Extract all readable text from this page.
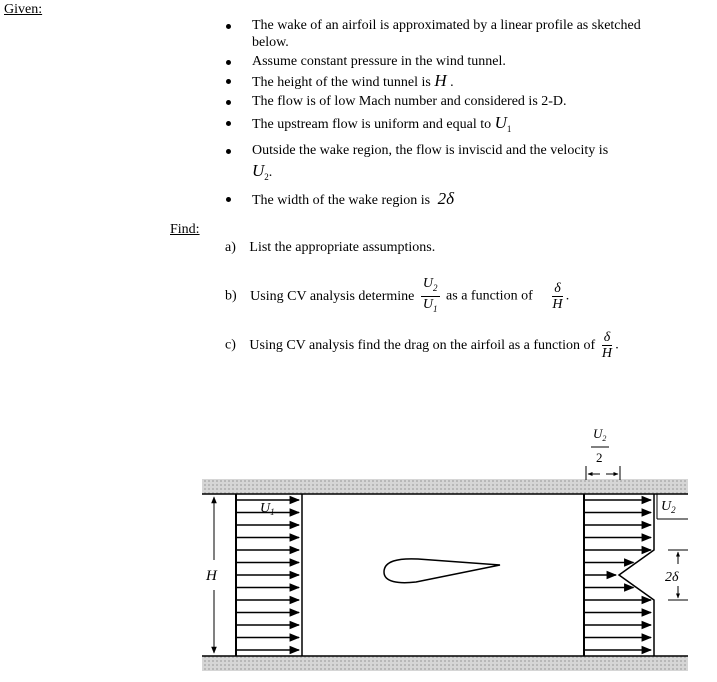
Given:
The wake of an airfoil is approximated by a linear profile as sketched below.
Assume constant pressure in the wind tunnel.
The height of the wind tunnel is H .
The flow is of low Mach number and considered is 2-D.
The upstream flow is uniform and equal to $U_1$
Outside the wake region, the flow is inviscid and the velocity is
$U_2$.
The width of the wake region is 2δ
Find:
a) List the appropriate assumptions.
b) Using CV analysis determine $\frac{U_2}{U_1}$ as a function of $\frac{\delta}{H}$ .
c) Using CV analysis find the drag on the airfoil as a function of $\frac{\delta}{H}$ .
H
$U_1$	$U_2$
$U_2$
2
2δ
